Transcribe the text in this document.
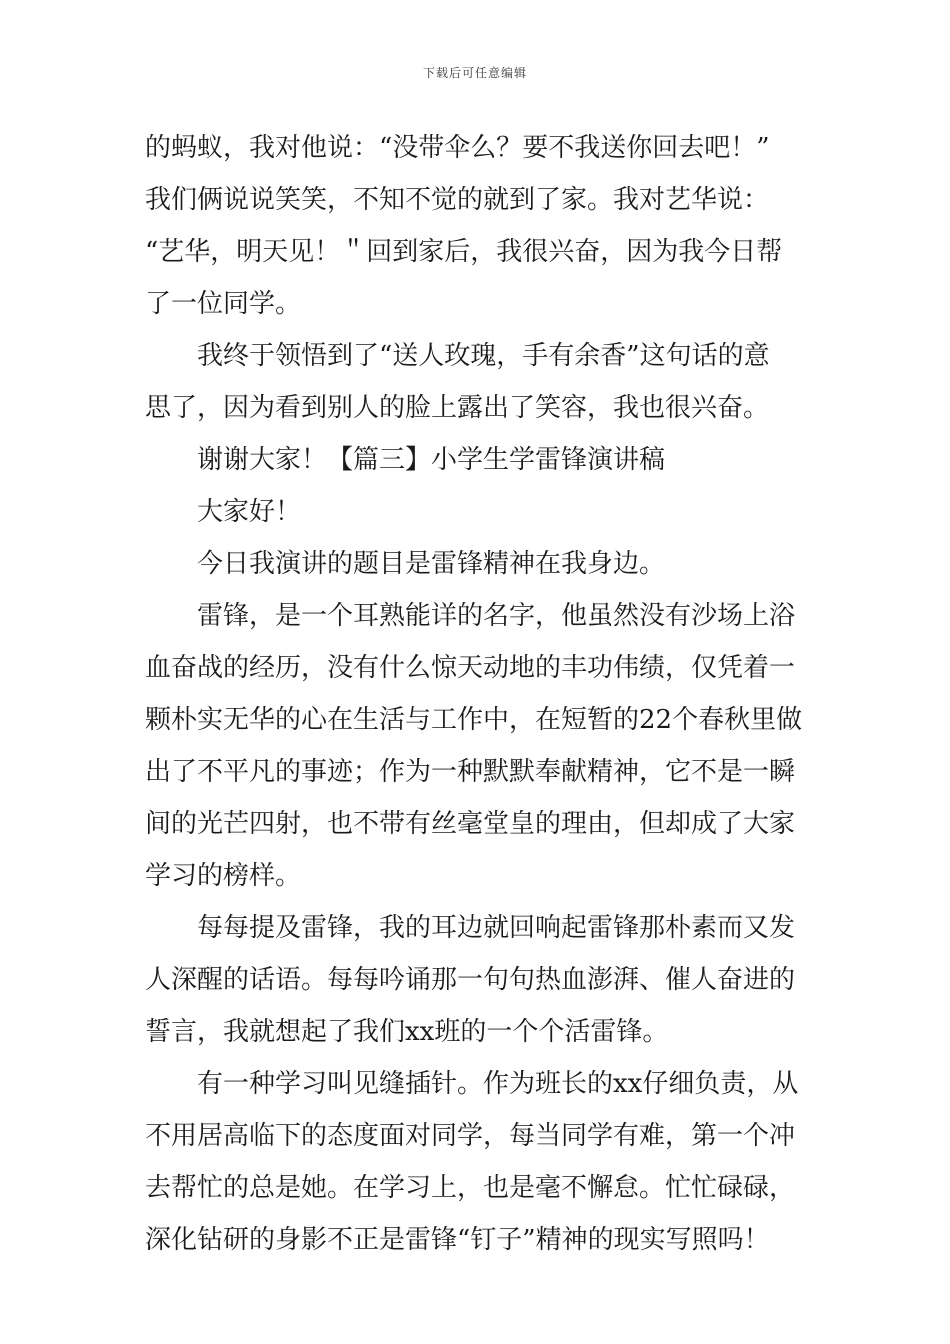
下载后可任意编辑

的蚂蚁，我对他说：“没带伞么？要不我送你回去吧！”

我们俩说说笑笑，不知不觉的就到了家。我对艺华说：

“艺华，明天见！＂回到家后，我很兴奋，因为我今日帮

了一位同学。

我终于领悟到了“送人玫瑰，手有余香”这句话的意

思了，因为看到别人的脸上露出了笑容，我也很兴奋。

谢谢大家！【篇三】小学生学雷锋演讲稿

大家好！

今日我演讲的题目是雷锋精神在我身边。

雷锋，是一个耳熟能详的名字，他虽然没有沙场上浴

血奋战的经历，没有什么惊天动地的丰功伟绩，仅凭着一

颗朴实无华的心在生活与工作中，在短暂的22个春秋里做

出了不平凡的事迹；作为一种默默奉献精神，它不是一瞬

间的光芒四射，也不带有丝毫堂皇的理由，但却成了大家

学习的榜样。

每每提及雷锋，我的耳边就回响起雷锋那朴素而又发

人深醒的话语。每每吟诵那一句句热血澎湃、催人奋进的

誓言，我就想起了我们xx班的一个个活雷锋。

有一种学习叫见缝插针。作为班长的xx仔细负责，从

不用居高临下的态度面对同学，每当同学有难，第一个冲

去帮忙的总是她。在学习上，也是毫不懈怠。忙忙碌碌，

深化钻研的身影不正是雷锋“钉子”精神的现实写照吗！
